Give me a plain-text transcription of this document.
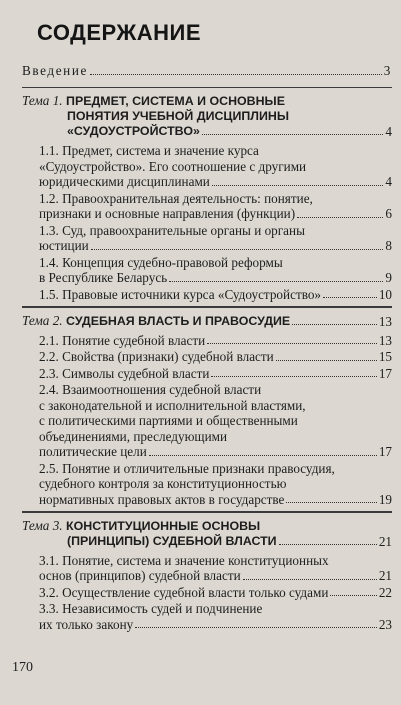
СОДЕРЖАНИЕ
Введение	3
Тема 1. ПРЕДМЕТ, СИСТЕМА И ОСНОВНЫЕ
ПОНЯТИЯ УЧЕБНОЙ ДИСЦИПЛИНЫ
«СУДОУСТРОЙСТВО»	4
1.1. Предмет, система и значение курса
«Судоустройство». Его соотношение с другими
юридическими дисциплинами	4
1.2. Правоохранительная деятельность: понятие,
признаки и основные направления (функции)	6
1.3. Суд, правоохранительные органы и органы
юстиции	8
1.4. Концепция судебно-правовой реформы
в Республике Беларусь	9
1.5. Правовые источники курса «Судоустройство»	10
Тема 2. СУДЕБНАЯ ВЛАСТЬ И ПРАВОСУДИЕ	13
2.1. Понятие судебной власти	13
2.2. Свойства (признаки) судебной власти	15
2.3. Символы судебной власти	17
2.4. Взаимоотношения судебной власти
с законодательной и исполнительной властями,
с политическими партиями и общественными
объединениями, преследующими
политические цели	17
2.5. Понятие и отличительные признаки правосудия,
судебного контроля за конституционностью
нормативных правовых актов в государстве	19
Тема 3. КОНСТИТУЦИОННЫЕ ОСНОВЫ
(ПРИНЦИПЫ) СУДЕБНОЙ ВЛАСТИ	21
3.1. Понятие, система и значение конституционных
основ (принципов) судебной власти	21
3.2. Осуществление судебной власти только судами	22
3.3. Независимость судей и подчинение
их только закону	23
170
